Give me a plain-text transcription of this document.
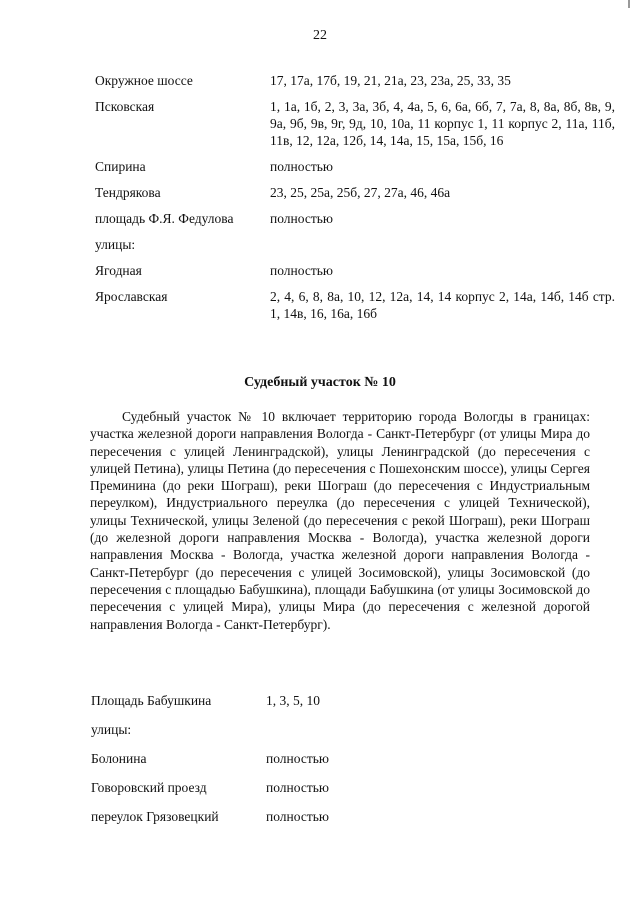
22
Окружное шоссе	17, 17а, 17б, 19, 21, 21а, 23, 23а, 25, 33, 35
Псковская	1, 1а, 1б, 2, 3, 3а, 3б, 4, 4а, 5, 6, 6а, 6б, 7, 7а, 8, 8а, 8б, 8в, 9, 9а, 9б, 9в, 9г, 9д, 10, 10а, 11 корпус 1, 11 корпус 2, 11а, 11б, 11в, 12, 12а, 12б, 14, 14а, 15, 15а, 15б, 16
Спирина	полностью
Тендрякова	23, 25, 25а, 25б, 27, 27а, 46, 46а
площадь Ф.Я. Федулова	полностью
улицы:	
Ягодная	полностью
Ярославская	2, 4, 6, 8, 8а, 10, 12, 12а, 14, 14 корпус 2, 14а, 14б, 14б стр. 1, 14в, 16, 16а, 16б
Судебный участок № 10

Судебный участок № 10 включает территорию города Вологды в границах: участка железной дороги направления Вологда - Санкт-Петербург (от улицы Мира до пересечения с улицей Ленинградской), улицы Ленинградской (до пересечения с улицей Петина), улицы Петина (до пересечения с Пошехонским шоссе), улицы Сергея Преминина (до реки Шограш), реки Шограш (до пересечения с Индустриальным переулком), Индустриального переулка (до пересечения с улицей Технической), улицы Технической, улицы Зеленой (до пересечения с рекой Шограш), реки Шограш (до железной дороги направления Москва - Вологда), участка железной дороги направления Москва - Вологда, участка железной дороги направления Вологда - Санкт-Петербург (до пересечения с улицей Зосимовской), улицы Зосимовской (до пересечения с площадью Бабушкина), площади Бабушкина (от улицы Зосимовской до пересечения с улицей Мира), улицы Мира (до пересечения с железной дорогой направления Вологда - Санкт-Петербург).

Площадь Бабушкина	1, 3, 5, 10
улицы:	
Болонина	полностью
Говоровский проезд	полностью
переулок Грязовецкий	полностью
